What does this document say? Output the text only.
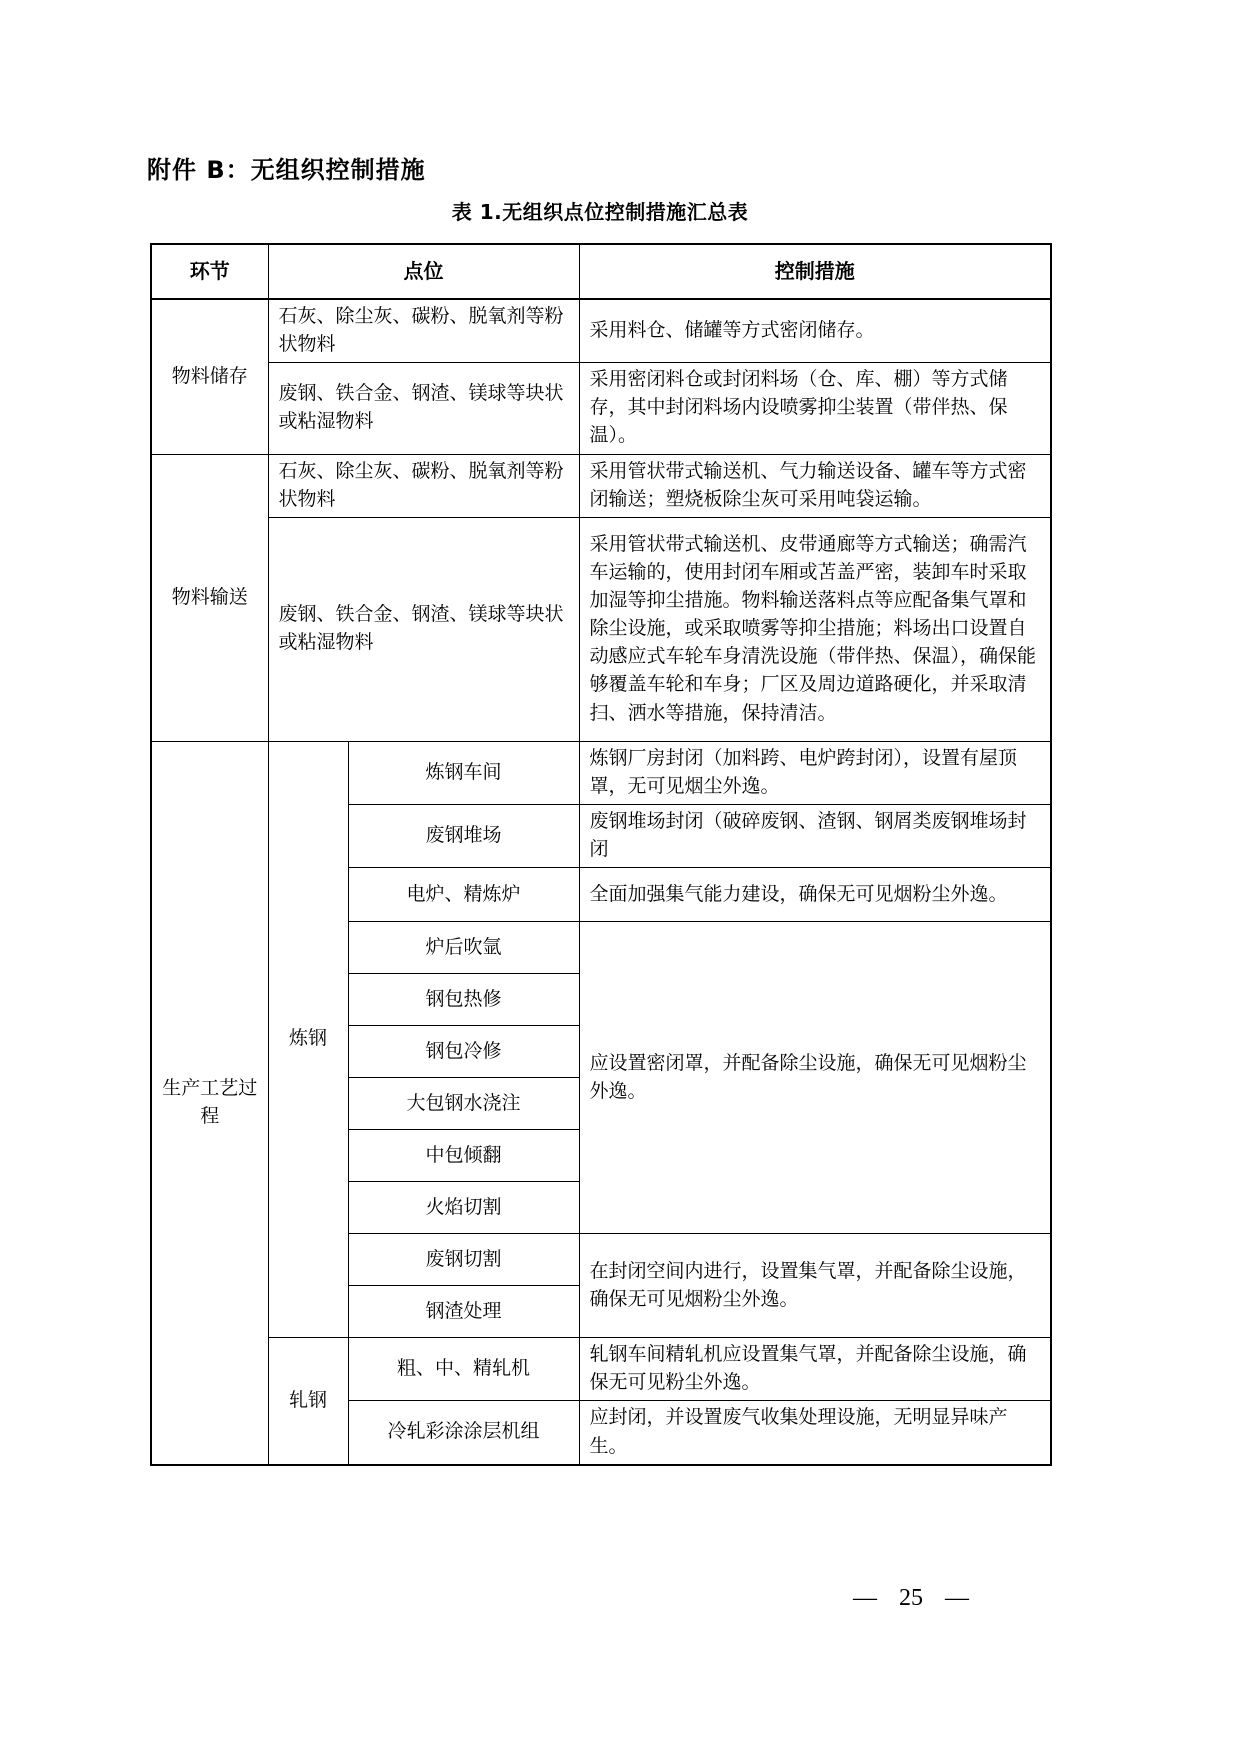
附件 B：无组织控制措施
表 1.无组织点位控制措施汇总表
环节	点位		控制措施
物料储存	石灰、除尘灰、碳粉、脱氧剂等粉状物料		采用料仓、储罐等方式密闭储存。
	废钢、铁合金、钢渣、镁球等块状或粘湿物料		采用密闭料仓或封闭料场（仓、库、棚）等方式储存，其中封闭料场内设喷雾抑尘装置（带伴热、保温）。
物料输送	石灰、除尘灰、碳粉、脱氧剂等粉状物料		采用管状带式输送机、气力输送设备、罐车等方式密闭输送；塑烧板除尘灰可采用吨袋运输。
	废钢、铁合金、钢渣、镁球等块状或粘湿物料		采用管状带式输送机、皮带通廊等方式输送；确需汽车运输的，使用封闭车厢或苫盖严密，装卸车时采取加湿等抑尘措施。物料输送落料点等应配备集气罩和除尘设施，或采取喷雾等抑尘措施；料场出口设置自动感应式车轮车身清洗设施（带伴热、保温），确保能够覆盖车轮和车身；厂区及周边道路硬化，并采取清扫、洒水等措施，保持清洁。
生产工艺过程	炼钢	炼钢车间	炼钢厂房封闭（加料跨、电炉跨封闭），设置有屋顶罩，无可见烟尘外逸。
		废钢堆场	废钢堆场封闭（破碎废钢、渣钢、钢屑类废钢堆场封闭
		电炉、精炼炉	全面加强集气能力建设，确保无可见烟粉尘外逸。
		炉后吹氩	应设置密闭罩，并配备除尘设施，确保无可见烟粉尘外逸。
		钢包热修	
		钢包冷修	
		大包钢水浇注	
		中包倾翻	
		火焰切割	
		废钢切割	在封闭空间内进行，设置集气罩，并配备除尘设施，确保无可见烟粉尘外逸。
		钢渣处理	
	轧钢	粗、中、精轧机	轧钢车间精轧机应设置集气罩，并配备除尘设施，确保无可见粉尘外逸。
		冷轧彩涂涂层机组	应封闭，并设置废气收集处理设施，无明显异味产生。
— 25 —
